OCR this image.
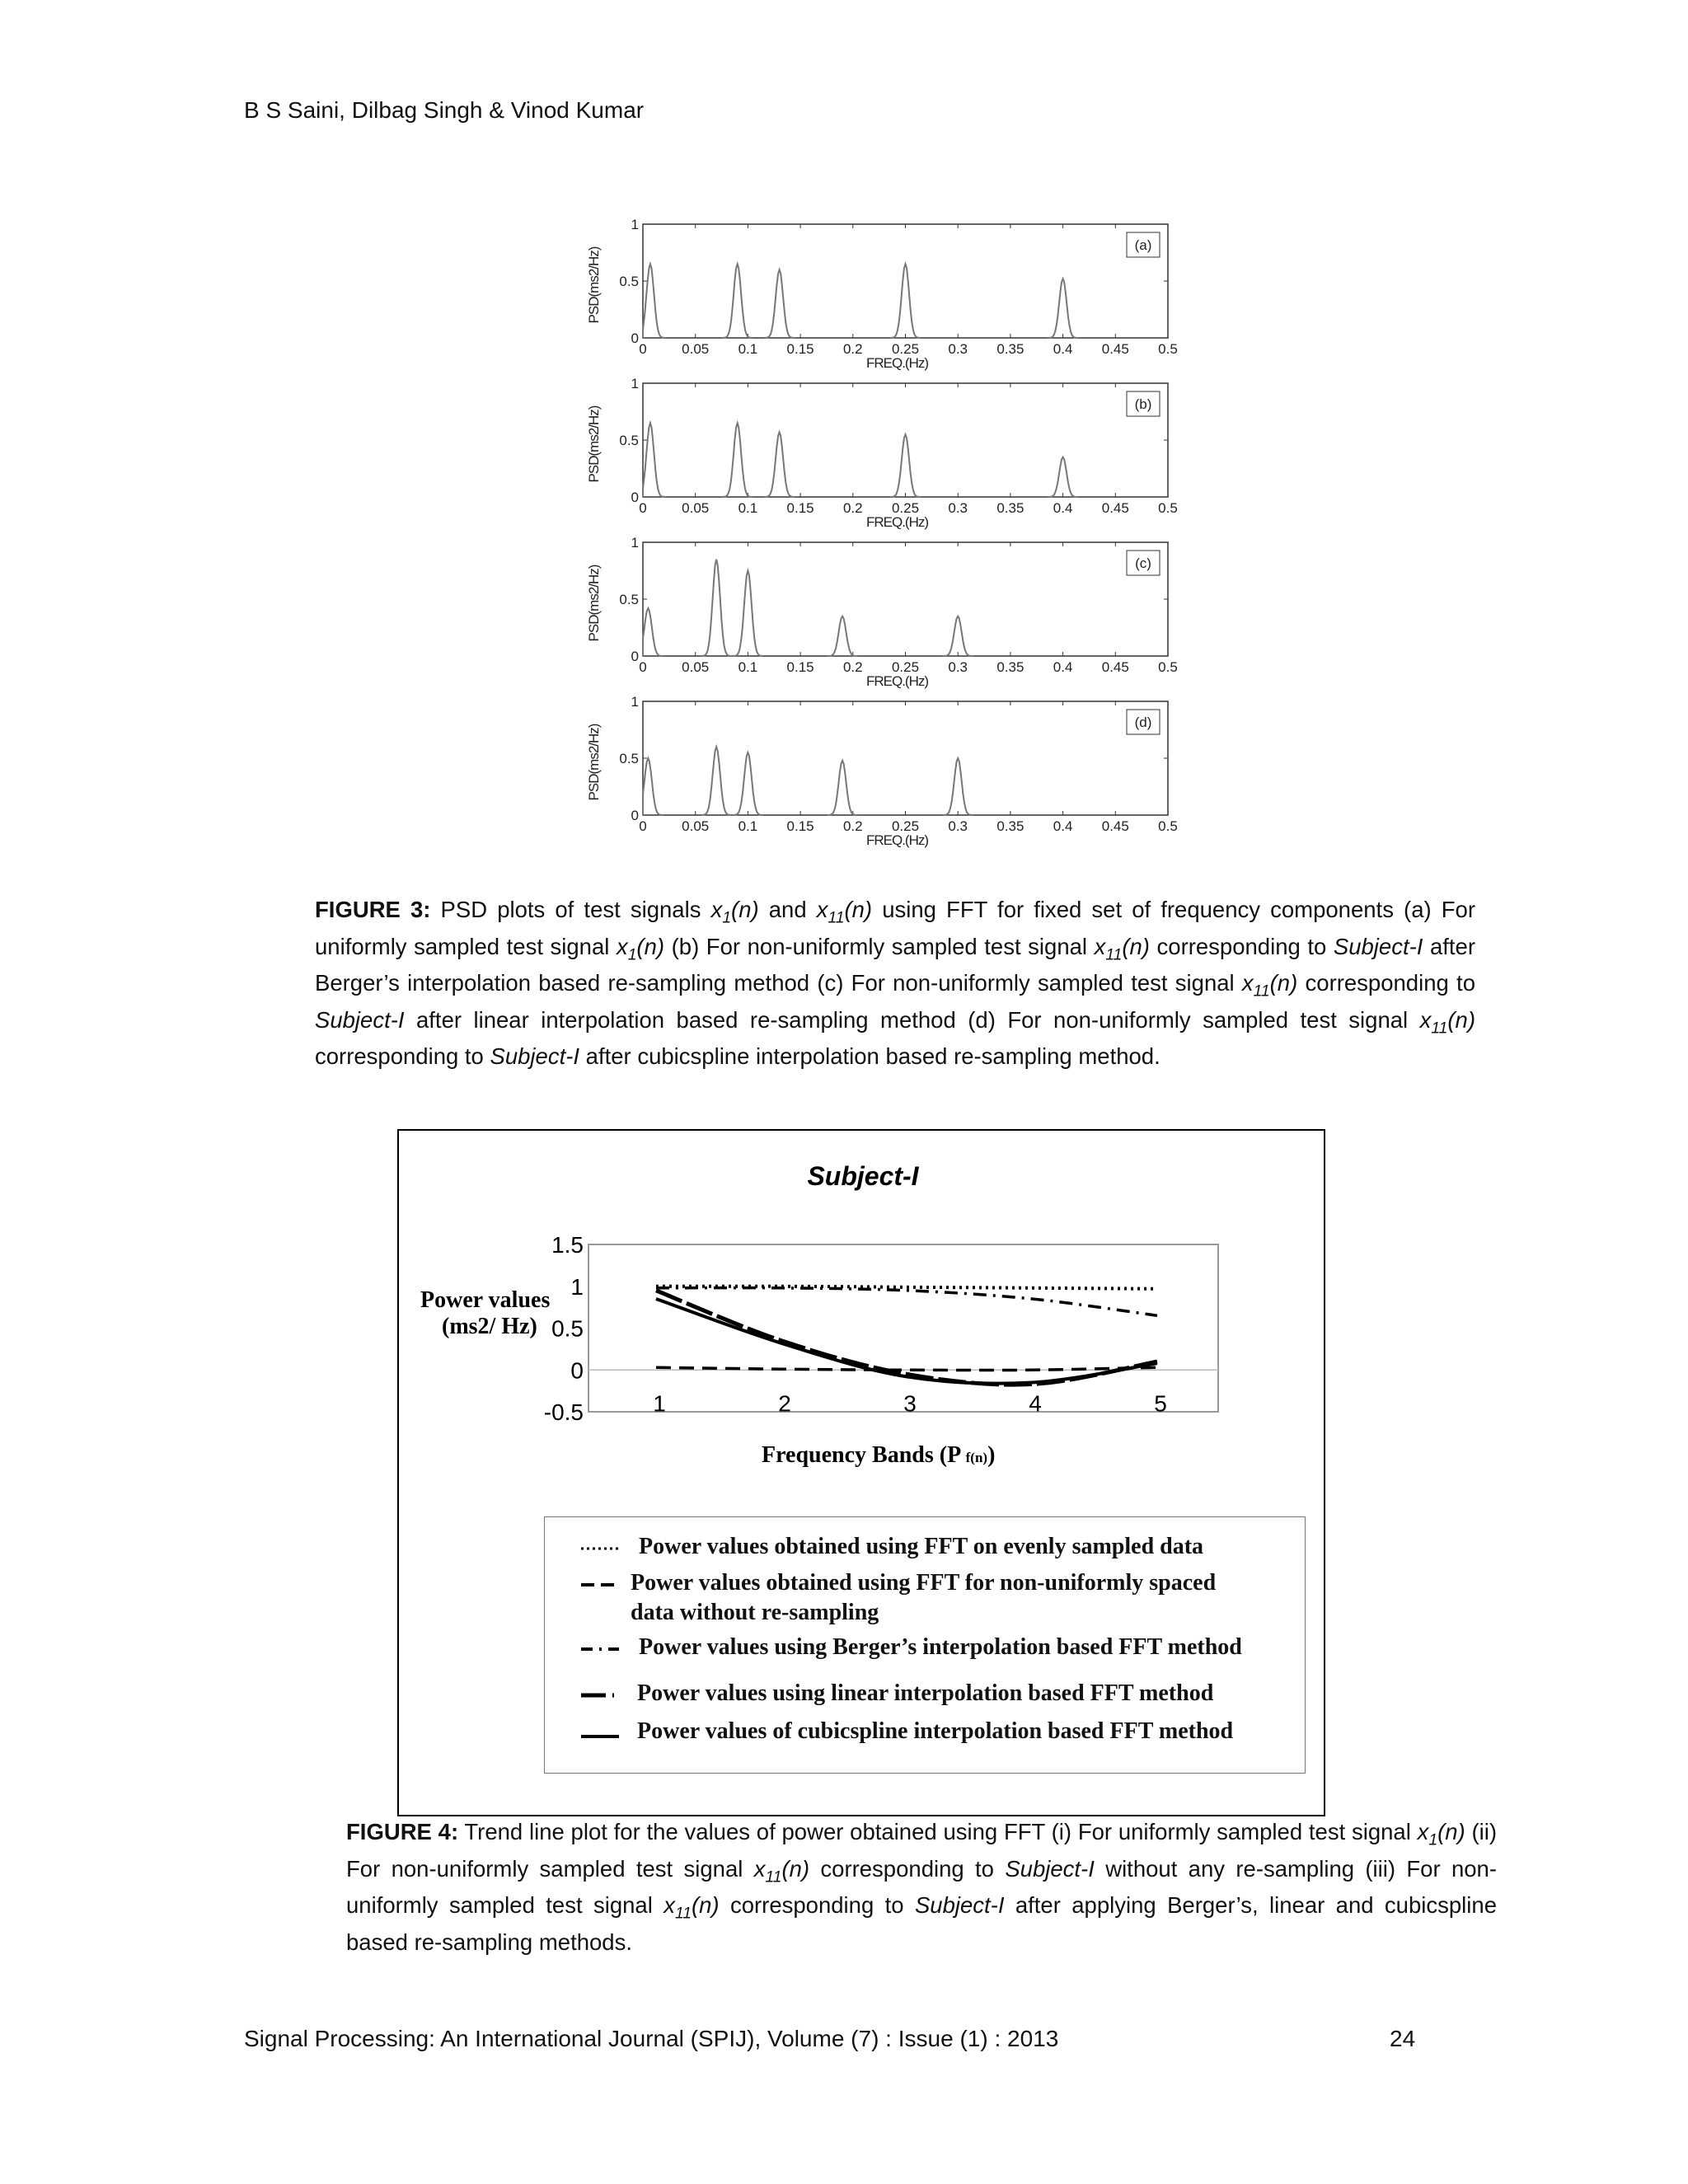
B S Saini, Dilbag Singh & Vinod Kumar
0 0.05 0.1 0.15 0.2 0.25 0.3 0.35 0.4 0.45 0.5
0
0.5
1
FREQ.(Hz)
PSD(ms2/Hz)
(a)
0 0.05 0.1 0.15 0.2 0.25 0.3 0.35 0.4 0.45 0.5
0
0.5
1
FREQ.(Hz)
PSD(ms2/Hz)
(b)
0 0.05 0.1 0.15 0.2 0.25 0.3 0.35 0.4 0.45 0.5
0
0.5
1
FREQ.(Hz)
PSD(ms2/Hz)
(c)
0 0.05 0.1 0.15 0.2 0.25 0.3 0.35 0.4 0.45 0.5
0
0.5
1
FREQ.(Hz)
PSD(ms2/Hz)
(d)
FIGURE 3: PSD plots of test signals $x_1(n)$ and $x_{11}(n)$ using FFT for fixed set of frequency components (a) For uniformly sampled test signal $x_1(n)$ (b) For non-uniformly sampled test signal $x_{11}(n)$ corresponding to Subject-I after Berger’s interpolation based re-sampling method (c) For non-uniformly sampled test signal $x_{11}(n)$ corresponding to Subject-I after linear interpolation based re-sampling method (d) For non-uniformly sampled test signal $x_{11}(n)$ corresponding to Subject-I after cubicspline interpolation based re-sampling method.
Subject-I
-0.5
0
0.5
1
1.5
1	2	3	4	5
Power values
(ms2/ Hz)
Frequency Bands (P f(n))
Power values obtained using FFT on evenly sampled data
Power values obtained using FFT for non-uniformly spaced
data without re-sampling
Power values using Berger’s interpolation based FFT method
Power values using linear interpolation based FFT method
Power values of cubicspline interpolation based FFT method
FIGURE 4: Trend line plot for the values of power obtained using FFT (i) For uniformly sampled test signal $x_1(n)$ (ii) For non-uniformly sampled test signal $x_{11}(n)$ corresponding to Subject-I without any re-sampling (iii) For non-uniformly sampled test signal $x_{11}(n)$ corresponding to Subject-I after applying Berger’s, linear and cubicspline based re-sampling methods.
Signal Processing: An International Journal (SPIJ), Volume (7) : Issue (1) : 2013	24
